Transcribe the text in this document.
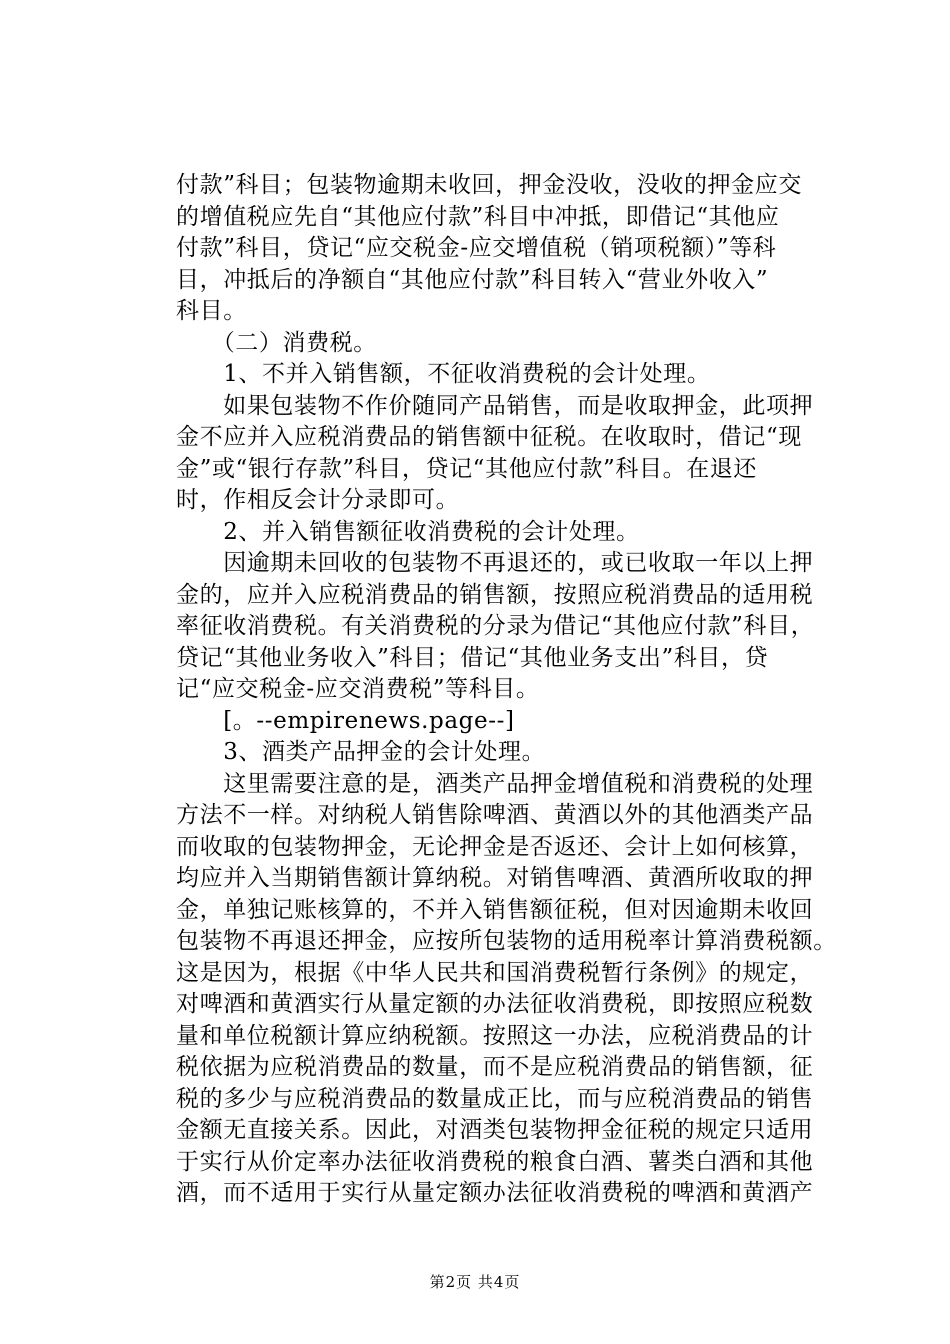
付款”科目；包装物逾期未收回，押金没收，没收的押金应交
的增值税应先自“其他应付款”科目中冲抵，即借记“其他应
付款”科目，贷记“应交税金-应交增值税（销项税额）”等科
目，冲抵后的净额自“其他应付款”科目转入“营业外收入”
科目。
　　（二）消费税。
　　1、不并入销售额，不征收消费税的会计处理。
　　如果包装物不作价随同产品销售，而是收取押金，此项押
金不应并入应税消费品的销售额中征税。在收取时，借记“现
金”或“银行存款”科目，贷记“其他应付款”科目。在退还
时，作相反会计分录即可。
　　2、并入销售额征收消费税的会计处理。
　　因逾期未回收的包装物不再退还的，或已收取一年以上押
金的，应并入应税消费品的销售额，按照应税消费品的适用税
率征收消费税。有关消费税的分录为借记“其他应付款”科目，
贷记“其他业务收入”科目；借记“其他业务支出”科目，贷
记“应交税金-应交消费税”等科目。
　　[。--empirenews.page--]
　　3、酒类产品押金的会计处理。
　　这里需要注意的是，酒类产品押金增值税和消费税的处理
方法不一样。对纳税人销售除啤酒、黄酒以外的其他酒类产品
而收取的包装物押金，无论押金是否返还、会计上如何核算，
均应并入当期销售额计算纳税。对销售啤酒、黄酒所收取的押
金，单独记账核算的，不并入销售额征税，但对因逾期未收回
包装物不再退还押金，应按所包装物的适用税率计算消费税额。
这是因为，根据《中华人民共和国消费税暂行条例》的规定，
对啤酒和黄酒实行从量定额的办法征收消费税，即按照应税数
量和单位税额计算应纳税额。按照这一办法，应税消费品的计
税依据为应税消费品的数量，而不是应税消费品的销售额，征
税的多少与应税消费品的数量成正比，而与应税消费品的销售
金额无直接关系。因此，对酒类包装物押金征税的规定只适用
于实行从价定率办法征收消费税的粮食白酒、薯类白酒和其他
酒，而不适用于实行从量定额办法征收消费税的啤酒和黄酒产
第2页 共4页
